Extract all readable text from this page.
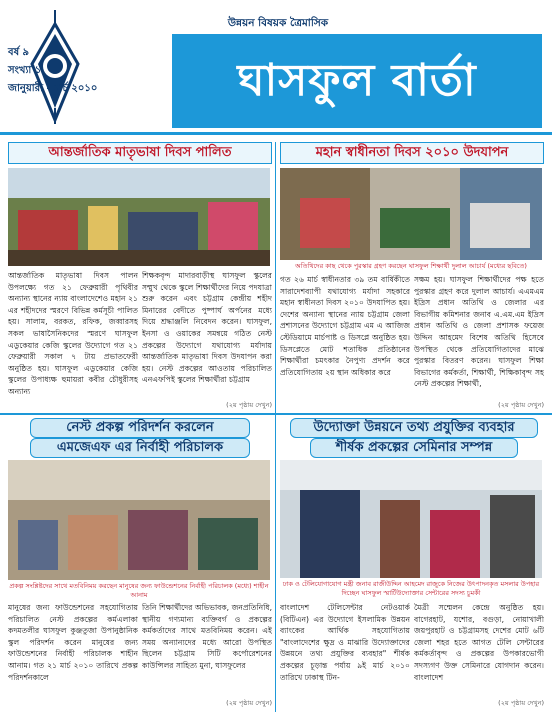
উন্নয়ন বিষয়ক ত্রৈমাসিক
ঘাসফুল বার্তা
বর্ষ ৯
সংখ্যা ১
জানুয়ারী - মার্চ ২০১০
আন্তর্জাতিক মাতৃভাষা দিবস পালিত
আন্তর্জাতিক মাতৃভাষা দিবস পালন উপলক্ষ্যে গত ২১ ফেব্রুয়ারী পৃথিবীর অন্যান্য স্থানের ন্যায় বাংলাদেশেও মহান ২১ এর শহীদদের স্মরণে বিভিন্ন কর্মসূচী পালিত হয়। সালাম, বরকত, রফিক, জব্বারসহ সকল ভাষাসৈনিকদের স্মরণে ঘাসফুল এডুকেয়ার কেজি স্কুলের উদ্যোগে গত ২১ ফেব্রুয়ারী সকাল ৭ টায় প্রভাতফেরী অনুষ্ঠিত হয়। ঘাসফুল এডুকেয়ার কেজি স্কুলের উপাধ্যক্ষ হুমায়রা কবীর চৌধুরীসহ অন্যান্য
শিক্ষকবৃন্দ মাদারবাড়ীস্থ ঘাসফুল স্কুলের সম্মুখ থেকে স্কুলে শিক্ষার্থীদের নিয়ে পদযাত্রা শুরু করেন এবং চট্টগ্রাম কেন্দ্রীয় শহীদ মিনারের বেদীতে পুষ্পার্ঘ অর্পনের মধ্যে দিয়ে শ্রদ্ধাঞ্জলি নিবেদন করেন। ঘাসফুল, ইনসা ও ওয়াকের সমন্বয়ে গঠিত নেস্ট প্রকল্পের উদ্যোগে যথাযোগ্য মর্যাদায় আন্তর্জাতিক মাতৃভাষা দিবস উদযাপন করা হয়। নেস্ট প্রকল্পের আওতায় পরিচালিত এনএফপিই স্কুলের শিক্ষার্থীরা চট্টগ্রাম
(২য় পৃষ্ঠায় দেখুন)
মহান স্বাধীনতা দিবস ২০১০ উদযাপন
অতিথিদের কাছ থেকে পুরস্কার গ্রহণ করছেন ঘাসফুল শিক্ষার্থী দুলাল আচার্য (মধ্যের ছবিতে)
গত ২৬ মার্চ স্বাধীনতার ৩৯ তম বার্ষিকীতে সারাদেশব্যাপী যথাযোগ্য মর্যাদা সহকারে মহান স্বাধীনতা দিবস ২০১০ উদযাপিত হয়। দেশের অন্যান্য স্থানের ন্যায় চট্টগ্রাম জেলা প্রশাসনের উদ্যোগে চট্টগ্রাম এম এ আজিজ স্টেডিয়ামে মার্চপাষ্ট ও ডিসপ্লে অনুষ্ঠিত হয়। ডিসপ্লেতে মোট শতাধিক প্রতিষ্ঠানের শিক্ষার্থীরা চমৎকার নৈপুণ্য প্রদর্শন করে প্রতিযোগিতায় ২য় স্থান অধিকার করে
সক্ষম হয়। ঘাসফুল শিক্ষার্থীদের পক্ষ হতে পুরস্কার গ্রহণ করে দুলাল আচার্য। এএমএম ইদ্রিস প্রধান অতিথি ও জেলার এর বিভাগীয় কমিশনার জনাব এ.এম.এম ইদ্রিস প্রধান অতিথি ও জেলা প্রশাসক ফয়েজ উদ্দিন আহমেদ বিশেষ অতিথি হিসেবে উপস্থিত থেকে প্রতিযোগিতাদের মাঝে পুরস্কার বিতরণ করেন। ঘাসফুল শিক্ষা বিভাগের কর্মকর্তা, শিক্ষার্থী, শিক্ষিকাবৃন্দ সহ নেস্ট প্রকল্পের শিক্ষার্থী,
(২য় পৃষ্ঠায় দেখুন)
নেস্ট প্রকল্প পরিদর্শন করলেন
এমজেএফ এর নির্বাহী পরিচালক
প্রকল্প সংশ্লিষ্টদের সাথে মতবিনিময় করছেন মানুষের জন্য ফাউন্ডেশনের নির্বাহী পরিচালক (মধ্যে) শাহীন আনাম
মানুষের জন্য ফাউন্ডেশনের সহযোগিতায় পরিচালিত নেস্ট প্রকল্পের কর্মএলাকা কদমতলীর ঘাসফুল কুঞ্জতুজা উপানুষ্ঠানিক স্কুল পরিদর্শন করেন মানুষের জন্য ফাউন্ডেশনের নির্বাহী পরিচালক শাহীন আনাম। গত ২১ মার্চ ২০১০ তারিখে প্রকল্প পরিদর্শনকালে
তিনি শিক্ষার্থীদের অভিভাবক, জনপ্রতিনিধি, স্থানীয় গণ্যমান্য ব্যক্তিবর্গ ও প্রকল্পের কর্মকর্তাদের সাথে মতবিনিময় করেন। এই সময় অন্যান্যদের মধ্যে আরো উপস্থিত ছিলেন চট্টগ্রাম সিটি কর্পোরেশনের কাউন্সিলর সাহিত্য মুনা, ঘাসফুলের
(২য় পৃষ্ঠায় দেখুন)
উদ্যোক্তা উন্নয়নে তথ্য প্রযুক্তির ব্যবহার
শীর্ষক প্রকল্পের সেমিনার সম্পন্ন
ঢাক ও টেলিযোগাযোগ মন্ত্রী জনাব রাজীউদ্দিন আহমেদ রাজুকে নিজের উৎপাদনকৃত মসলার উপহার দিচ্ছেন ঘাসফুল স্মার্টিউদ্যোক্তার সেন্টারের সদস্য চুমকী
বাংলাদেশ টেলিসেন্টার নেটওয়ার্ক (বিটিএন) এর উদ্যোগে ইসলামিক উন্নয়ন ব্যাংকের আর্থিক সহযোগিতায় "বাংলাদেশের ক্ষুদ্র ও মাঝারি উদ্যোক্তাদের উন্নয়নে তথ্য প্রযুক্তির ব্যবহার" শীর্ষক প্রকল্পের চূড়ান্ত পর্যায় ৯ই মার্চ ২০১০ তারিখে ঢাকাস্থ টিন-
মৈত্রী সম্মেলন কেন্দ্রে অনুষ্ঠিত হয়। বাগেরহাট, যশোর, বগুড়া, নোয়াখালী জয়পুরহাট ও চট্টগ্রামসহ দেশের মোট ৬টি জেলা শহর হতে আগত টেলি সেন্টারের কর্মকর্তাবৃন্দ ও প্রকল্পের উপকারভোগী সদস্যগণ উক্ত সেমিনারে যোগদান করেন। বাংলাদেশ
(২য় পৃষ্ঠায় দেখুন)
